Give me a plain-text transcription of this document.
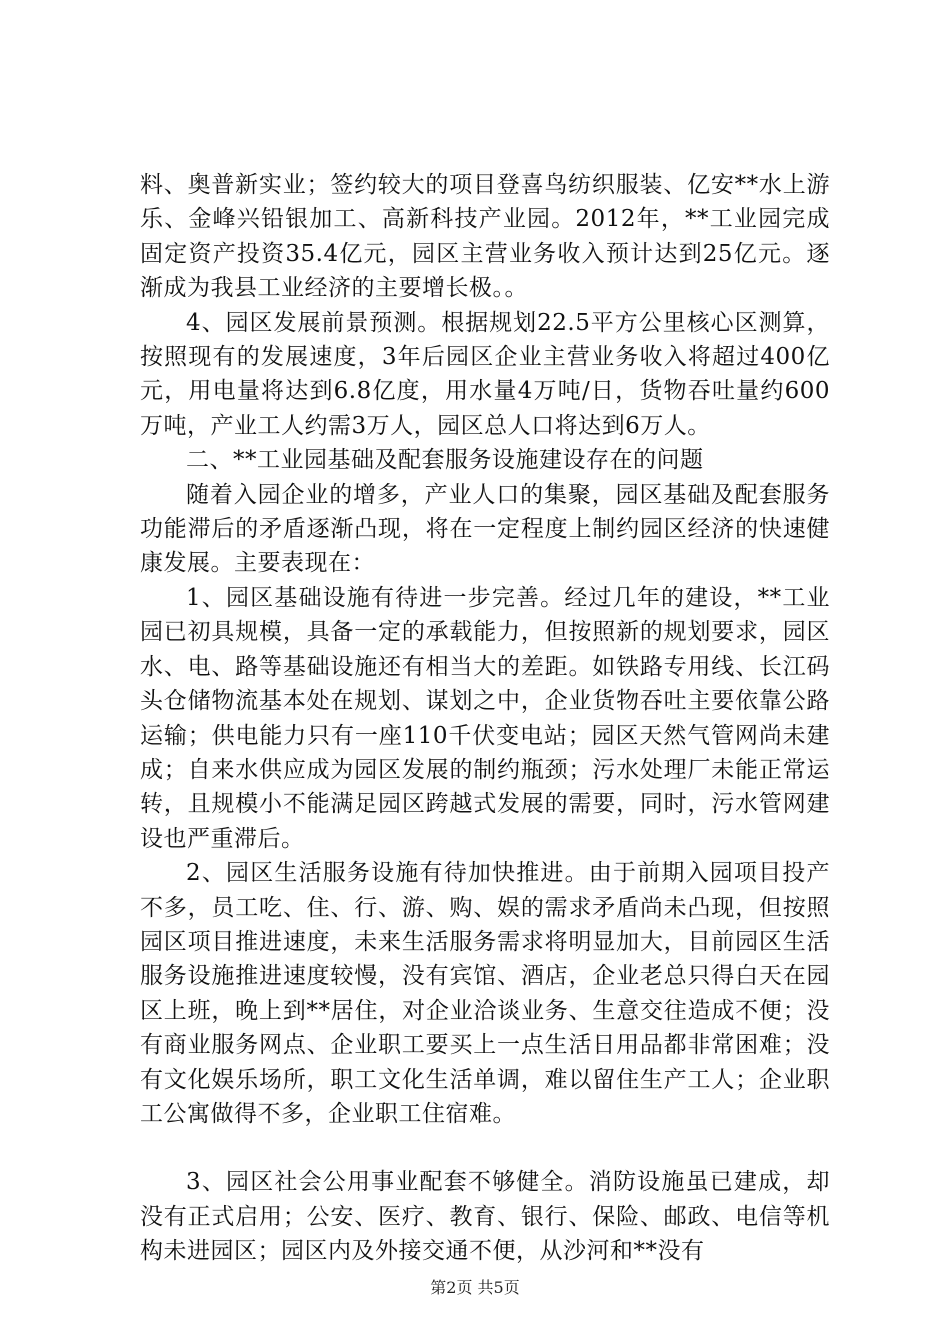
料、奥普新实业；签约较大的项目登喜鸟纺织服装、亿安**水上游乐、金峰兴铅银加工、高新科技产业园。2012年，**工业园完成固定资产投资35.4亿元，园区主营业务收入预计达到25亿元。逐渐成为我县工业经济的主要增长极。。

4、园区发展前景预测。根据规划22.5平方公里核心区测算，按照现有的发展速度，3年后园区企业主营业务收入将超过400亿元，用电量将达到6.8亿度，用水量4万吨/日，货物吞吐量约600万吨，产业工人约需3万人，园区总人口将达到6万人。

二、**工业园基础及配套服务设施建设存在的问题

随着入园企业的增多，产业人口的集聚，园区基础及配套服务功能滞后的矛盾逐渐凸现，将在一定程度上制约园区经济的快速健康发展。主要表现在：

1、园区基础设施有待进一步完善。经过几年的建设，**工业园已初具规模，具备一定的承载能力，但按照新的规划要求，园区水、电、路等基础设施还有相当大的差距。如铁路专用线、长江码头仓储物流基本处在规划、谋划之中，企业货物吞吐主要依靠公路运输；供电能力只有一座110千伏变电站；园区天然气管网尚未建成；自来水供应成为园区发展的制约瓶颈；污水处理厂未能正常运转，且规模小不能满足园区跨越式发展的需要，同时，污水管网建设也严重滞后。

2、园区生活服务设施有待加快推进。由于前期入园项目投产不多，员工吃、住、行、游、购、娱的需求矛盾尚未凸现，但按照园区项目推进速度，未来生活服务需求将明显加大，目前园区生活服务设施推进速度较慢，没有宾馆、酒店，企业老总只得白天在园区上班，晚上到**居住，对企业洽谈业务、生意交往造成不便；没有商业服务网点、企业职工要买上一点生活日用品都非常困难；没有文化娱乐场所，职工文化生活单调，难以留住生产工人；企业职工公寓做得不多，企业职工住宿难。

3、园区社会公用事业配套不够健全。消防设施虽已建成，却没有正式启用；公安、医疗、教育、银行、保险、邮政、电信等机构未进园区；园区内及外接交通不便，从沙河和**没有

第2页 共5页
